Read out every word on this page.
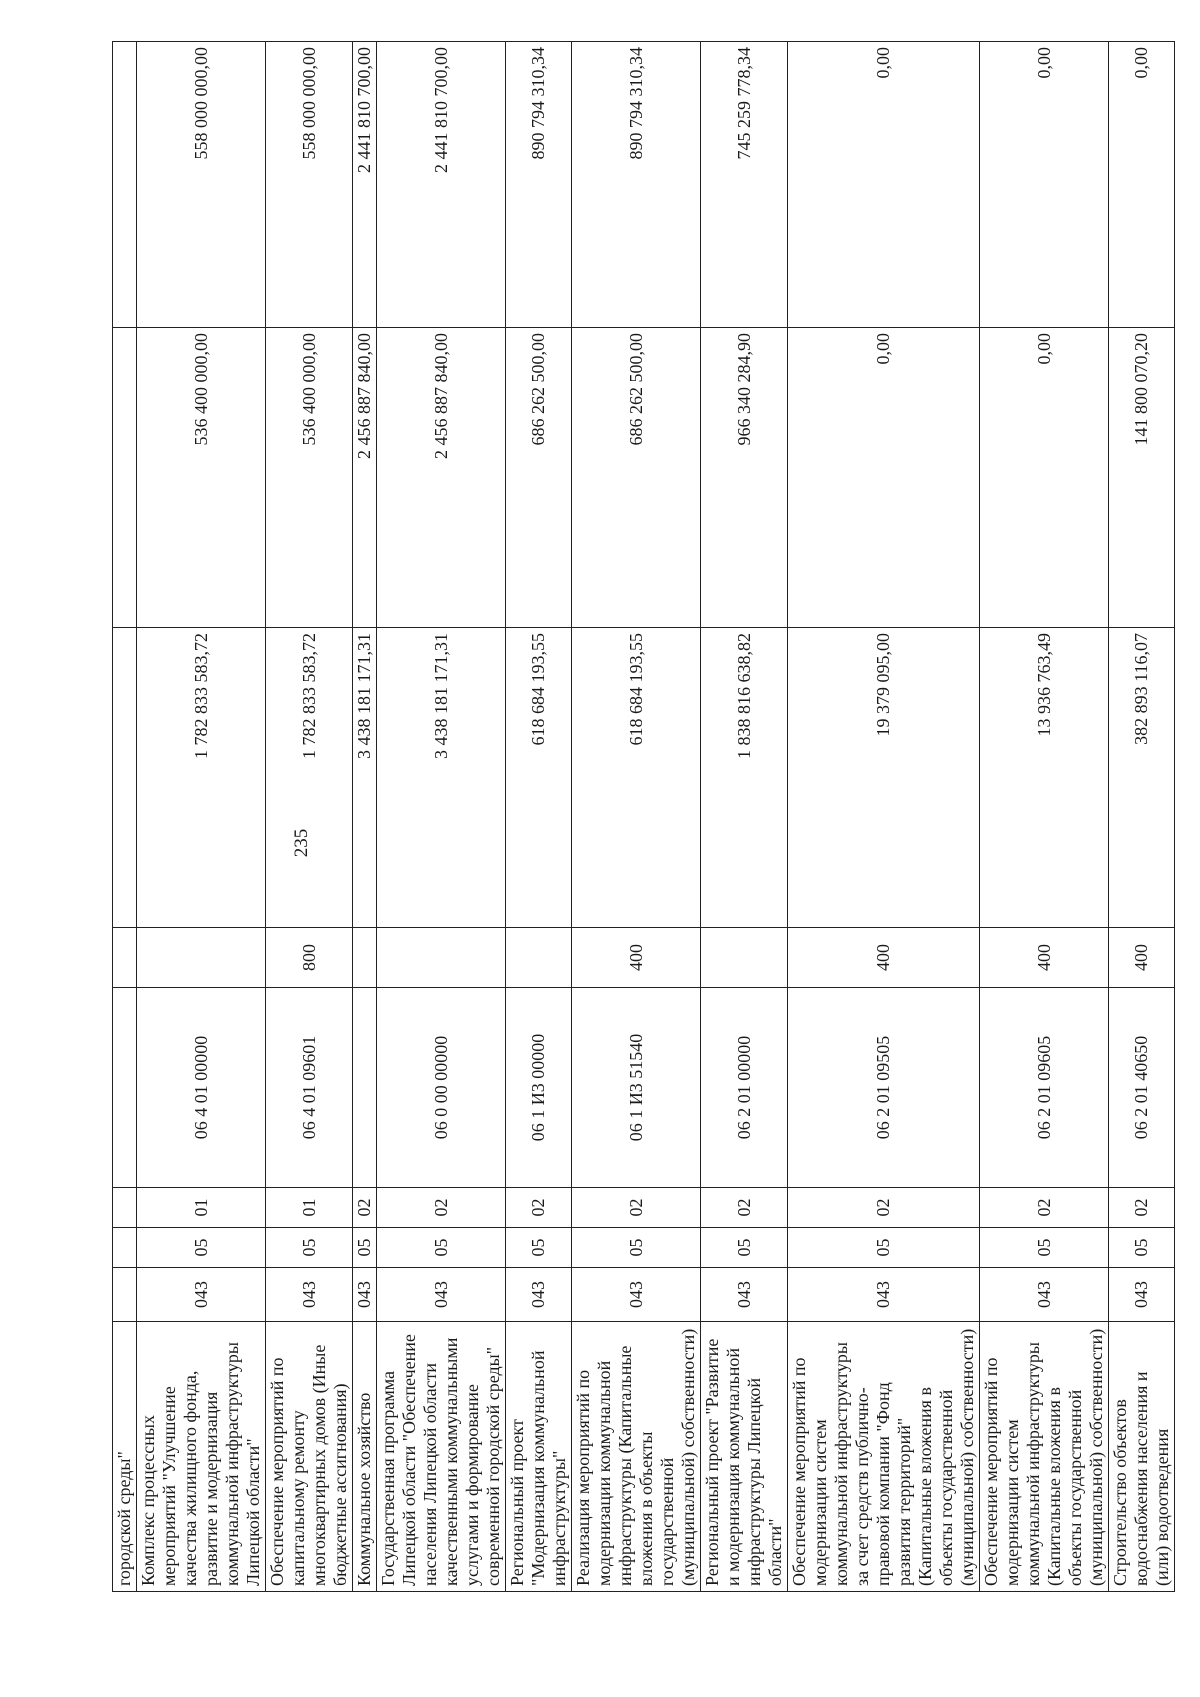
235
городской среды"								
Комплекс процессных мероприятий "Улучшение качества жилищного фонда, развитие и модернизация коммунальной инфраструктуры Липецкой области"	043	05	01	06 4 01 00000		1 782 833 583,72	536 400 000,00	558 000 000,00
Обеспечение мероприятий по капитальному ремонту многоквартирных домов (Иные бюджетные ассигнования)	043	05	01	06 4 01 09601	800	1 782 833 583,72	536 400 000,00	558 000 000,00
Коммунальное хозяйство	043	05	02			3 438 181 171,31	2 456 887 840,00	2 441 810 700,00
Государственная программа Липецкой области "Обеспечение населения Липецкой области качественными коммунальными услугами и формирование современной городской среды"	043	05	02	06 0 00 00000		3 438 181 171,31	2 456 887 840,00	2 441 810 700,00
Региональный проект "Модернизация коммунальной инфраструктуры"	043	05	02	06 1 И3 00000		618 684 193,55	686 262 500,00	890 794 310,34
Реализация мероприятий по модернизации коммунальной инфраструктуры (Капитальные вложения в объекты государственной (муниципальной) собственности)	043	05	02	06 1 И3 51540	400	618 684 193,55	686 262 500,00	890 794 310,34
Региональный проект "Развитие и модернизация коммунальной инфраструктуры Липецкой области"	043	05	02	06 2 01 00000		1 838 816 638,82	966 340 284,90	745 259 778,34
Обеспечение мероприятий по модернизации систем коммунальной инфраструктуры за счет средств публично-правовой компании "Фонд развития территорий" (Капитальные вложения в объекты государственной (муниципальной) собственности)	043	05	02	06 2 01 09505	400	19 379 095,00	0,00	0,00
Обеспечение мероприятий по модернизации систем коммунальной инфраструктуры (Капитальные вложения в объекты государственной (муниципальной) собственности)	043	05	02	06 2 01 09605	400	13 936 763,49	0,00	0,00
Строительство объектов водоснабжения населения и (или) водоотведения	043	05	02	06 2 01 40650	400	382 893 116,07	141 800 070,20	0,00
